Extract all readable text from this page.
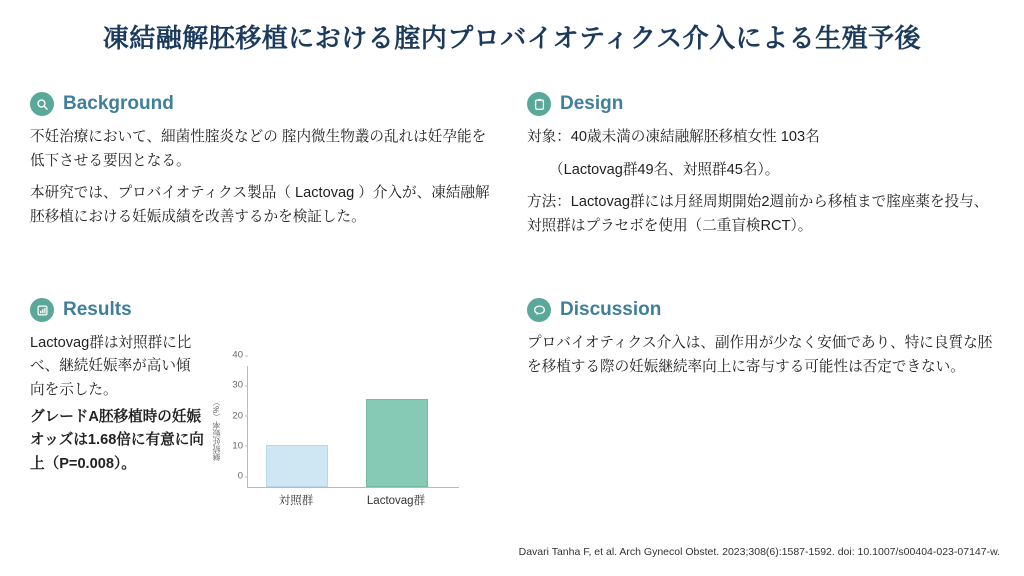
凍結融解胚移植における腟内プロバイオティクス介入による生殖予後
Background

不妊治療において、細菌性腟炎などの 腟内微生物叢の乱れは妊孕能を低下させる要因となる。

本研究では、プロバイオティクス製品（ Lactovag ）介入が、凍結融解胚移植における妊娠成績を改善するかを検証した。

Design

対象：40歳未満の凍結融解胚移植女性 103名

（Lactovag群49名、対照群45名）。

方法：Lactovag群には月経周期開始2週前から移植まで腟座薬を投与、対照群はプラセボを使用（二重盲検RCT）。

Results

Lactovag群は対照群に比べ、継続妊娠率が高い傾向を示した。

グレードA胚移植時の妊娠オッズは1.68倍に有意に向上（P=0.008）。

継続妊娠率（%）
0
10
20
30
40
対照群	Lactovag群
Discussion

プロバイオティクス介入は、副作用が少なく安価であり、特に良質な胚を移植する際の妊娠継続率向上に寄与する可能性は否定できない。

Davari Tanha F, et al. Arch Gynecol Obstet. 2023;308(6):1587-1592. doi: 10.1007/s00404-023-07147-w.
